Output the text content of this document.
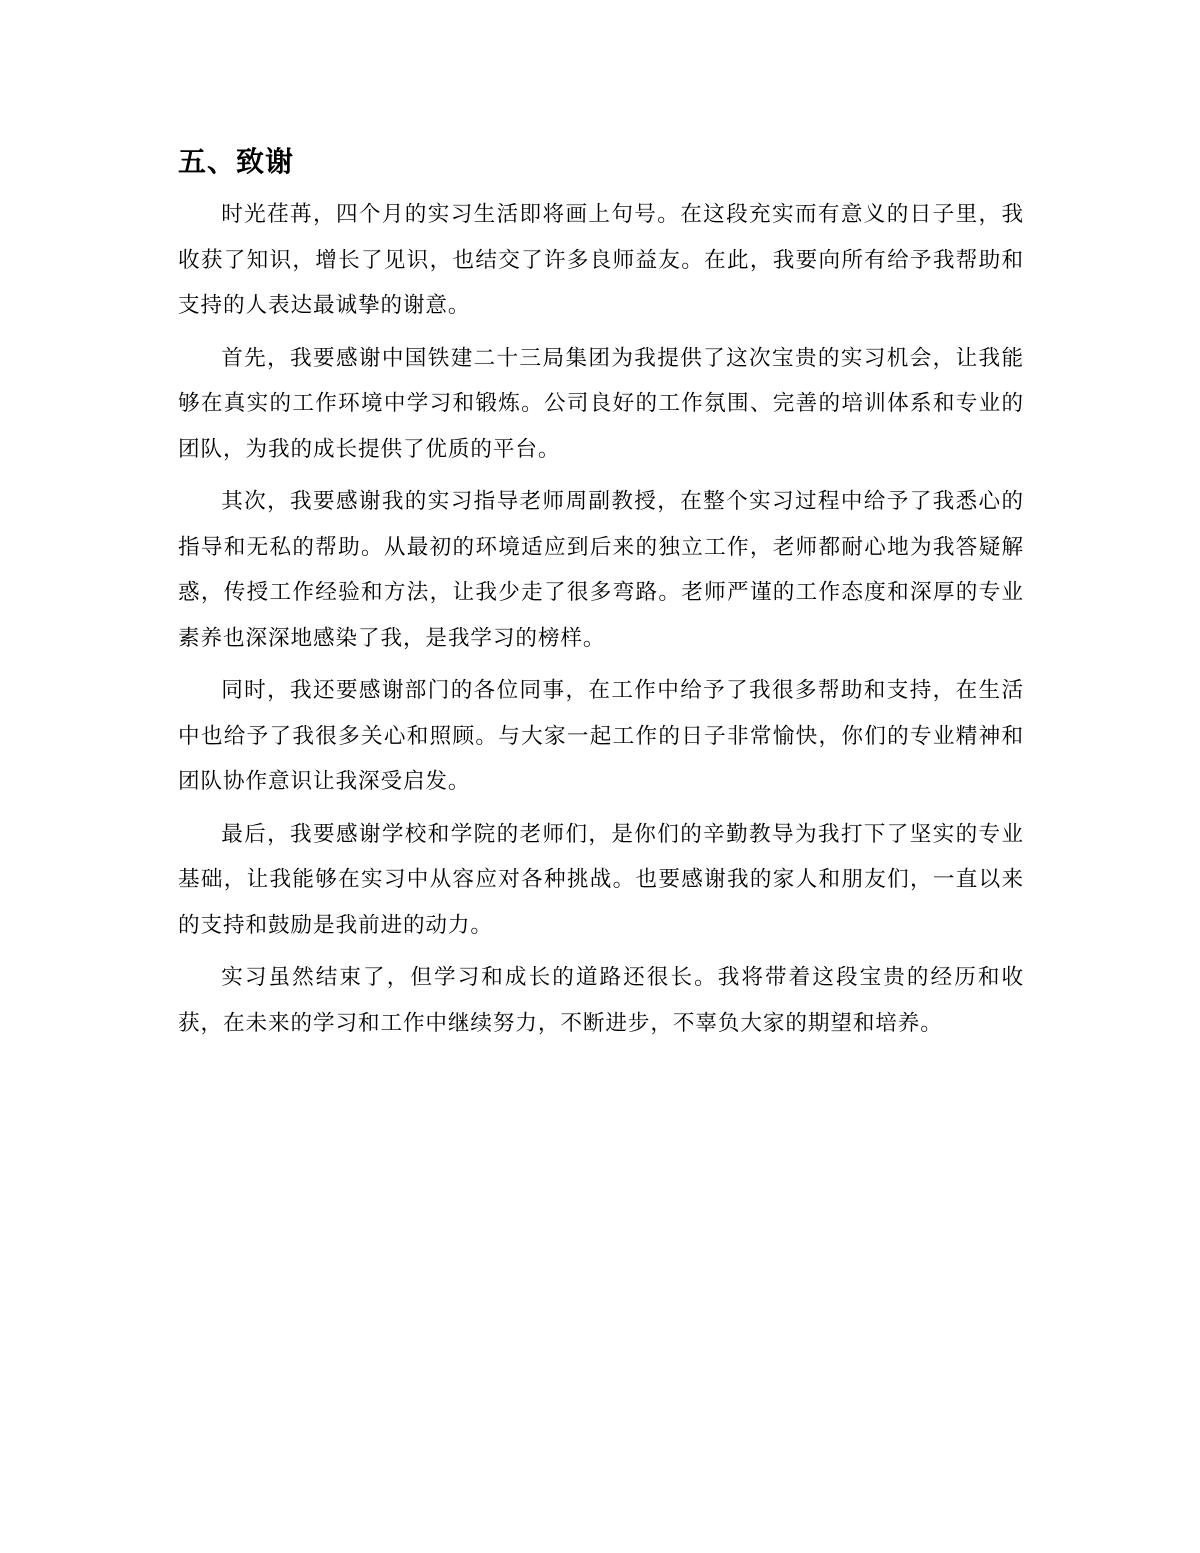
五、致谢

时光荏苒，四个月的实习生活即将画上句号。在这段充实而有意义的日子里，我收获了知识，增长了见识，也结交了许多良师益友。在此，我要向所有给予我帮助和支持的人表达最诚挚的谢意。

首先，我要感谢中国铁建二十三局集团为我提供了这次宝贵的实习机会，让我能够在真实的工作环境中学习和锻炼。公司良好的工作氛围、完善的培训体系和专业的团队，为我的成长提供了优质的平台。

其次，我要感谢我的实习指导老师周副教授，在整个实习过程中给予了我悉心的指导和无私的帮助。从最初的环境适应到后来的独立工作，老师都耐心地为我答疑解惑，传授工作经验和方法，让我少走了很多弯路。老师严谨的工作态度和深厚的专业素养也深深地感染了我，是我学习的榜样。

同时，我还要感谢部门的各位同事，在工作中给予了我很多帮助和支持，在生活中也给予了我很多关心和照顾。与大家一起工作的日子非常愉快，你们的专业精神和团队协作意识让我深受启发。

最后，我要感谢学校和学院的老师们，是你们的辛勤教导为我打下了坚实的专业基础，让我能够在实习中从容应对各种挑战。也要感谢我的家人和朋友们，一直以来的支持和鼓励是我前进的动力。

实习虽然结束了，但学习和成长的道路还很长。我将带着这段宝贵的经历和收获，在未来的学习和工作中继续努力，不断进步，不辜负大家的期望和培养。
